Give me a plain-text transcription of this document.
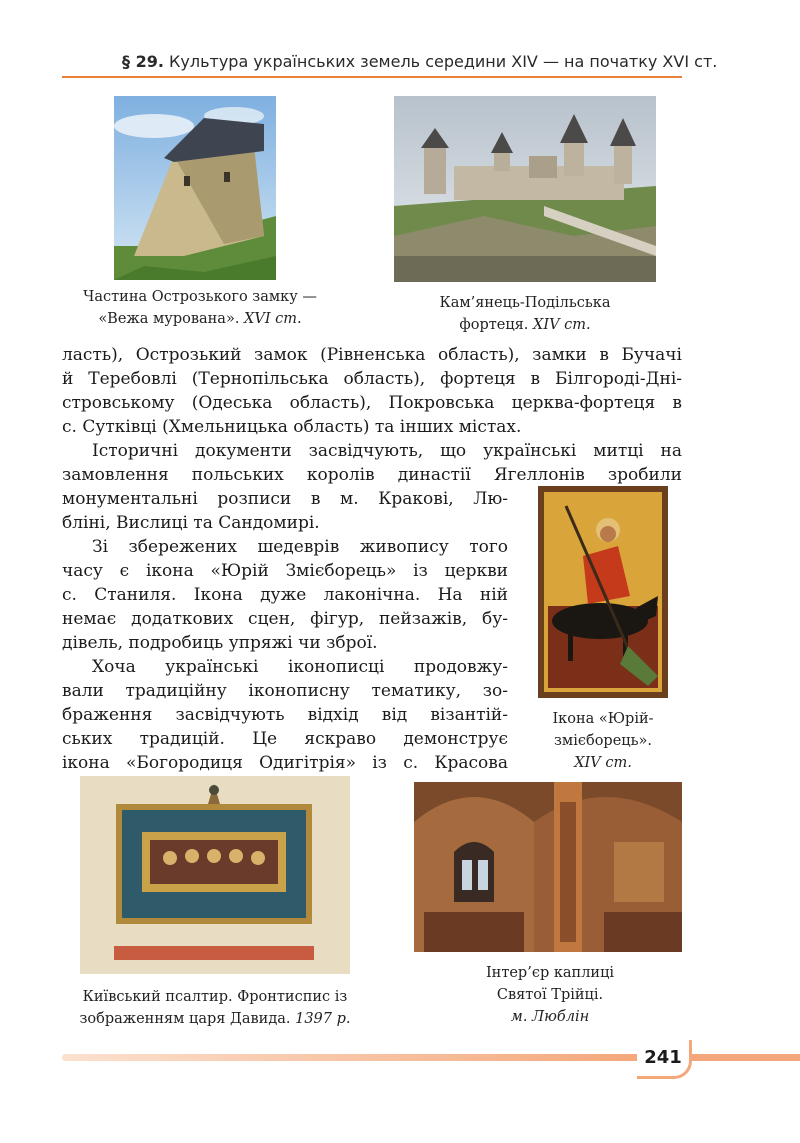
§ 29. Культура українських земель середини XIV — на початку XVI ст.
Частина Острозького замку —
«Вежа мурована». XVI ст.
Кам’янець-Подільська
фортеця. XIV ст.
ласть), Острозький замок (Рівненська область), замки в Бучачі
й Теребовлі (Тернопільська область), фортеця в Білгороді-Дні-
стровському (Одеська область), Покровська церква-фортеця в
с. Сутківці (Хмельницька область) та інших містах.
Історичні документи засвідчують, що українські митці на
замовлення польських королів династії Ягеллонів зробили
монументальні розписи в м. Кракові, Лю-
бліні, Вислиці та Сандомирі.
Зі збережених шедеврів живопису того
часу є ікона «Юрій Змієборець» із церкви
с. Станиля. Ікона дуже лаконічна. На ній
немає додаткових сцен, фігур, пейзажів, бу-
дівель, подробиць упряжі чи зброї.
Хоча українські іконописці продовжу-
вали традиційну іконописну тематику, зо-
браження засвідчують відхід від візантій-
ських традицій. Це яскраво демонструє
ікона «Богородиця Одигітрія» із с. Красова
Ікона «Юрій-
змієборець».
XIV ст.
Київський псалтир. Фронтиспис із
зображенням царя Давида. 1397 р.
Інтер’єр каплиці
Святої Трійці.
м. Люблін
241
